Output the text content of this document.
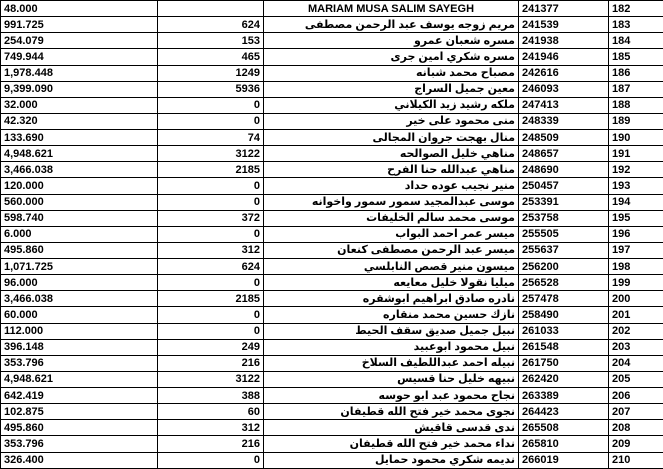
48.000		MARIAM MUSA SALIM SAYEGH	241377	182
991.725	624	مريم زوجه يوسف عبد الرحمن مصطفى	241539	183
254.079	153	مسره شعبان عمرو	241938	184
749.944	465	مسره شكري امين جرى	241946	185
1,978.448	1249	مصباح محمد شبانه	242616	186
9,399.090	5936	معين جميل السراج	246093	187
32.000	0	ملكه رشيد زيد الكيلاني	247413	188
42.320	0	منى محمود على خير	248339	189
133.690	74	منال بهجت جروان المجالى	248509	190
4,948.621	3122	مناهي خليل الصوالحه	248657	191
3,466.038	2185	مناهي عبدالله حنا الفرح	248690	192
120.000	0	منير نجيب عوده حداد	250457	193
560.000	0	موسى عبدالمجيد سمور سمور واخوانه	253391	194
598.740	372	موسى محمد سالم الخليفات	253758	195
6.000	0	ميسر عمر احمد البواب	255505	196
495.860	312	ميسر عبد الرحمن مصطفى كنعان	255637	197
1,071.725	624	ميسون منير قصص النابلسي	256200	198
96.000	0	ميليا نقولا خليل معايعه	256528	199
3,466.038	2185	نادره صادق ابراهيم ابوشقره	257478	200
60.000	0	نازك حسين محمد منقاره	258490	201
112.000	0	نبيل جميل صديق سقف الحيط	261033	202
396.148	249	نبيل محمود ابوعبيد	261548	203
353.796	216	نبيله احمد عبداللطيف السلاخ	261750	204
4,948.621	3122	نبيهه خليل حنا قسيس	262420	205
642.419	388	نجاح محمود عبد ابو حوسه	263389	206
102.875	60	نجوى محمد خير فتح الله قطيفان	264423	207
495.860	312	ندى قدسى قاقيش	265508	208
353.796	216	نداء محمد خير فتح الله قطيفان	265810	209
326.400	0	نديمه شكري محمود حمايل	266019	210
